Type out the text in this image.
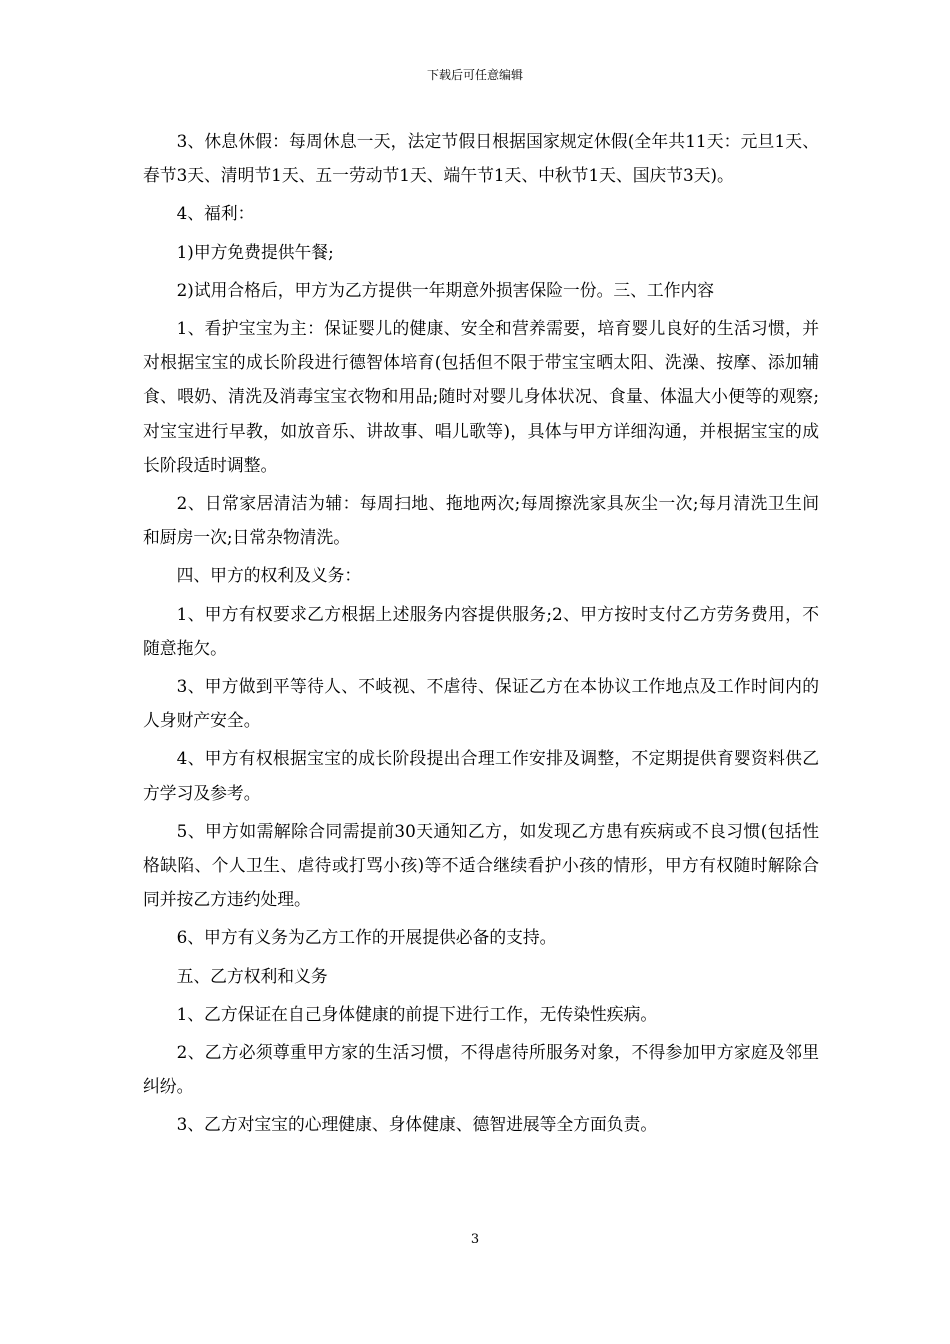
下载后可任意编辑

3、休息休假：每周休息一天，法定节假日根据国家规定休假(全年共11天：元旦1天、春节3天、清明节1天、五一劳动节1天、端午节1天、中秋节1天、国庆节3天)。

4、福利：

1)甲方免费提供午餐;

2)试用合格后，甲方为乙方提供一年期意外损害保险一份。三、工作内容

1、看护宝宝为主：保证婴儿的健康、安全和营养需要，培育婴儿良好的生活习惯，并对根据宝宝的成长阶段进行德智体培育(包括但不限于带宝宝晒太阳、洗澡、按摩、添加辅食、喂奶、清洗及消毒宝宝衣物和用品;随时对婴儿身体状况、食量、体温大小便等的观察;对宝宝进行早教，如放音乐、讲故事、唱儿歌等)，具体与甲方详细沟通，并根据宝宝的成长阶段适时调整。

2、日常家居清洁为辅：每周扫地、拖地两次;每周擦洗家具灰尘一次;每月清洗卫生间和厨房一次;日常杂物清洗。

四、甲方的权利及义务：

1、甲方有权要求乙方根据上述服务内容提供服务;2、甲方按时支付乙方劳务费用，不随意拖欠。

3、甲方做到平等待人、不岐视、不虐待、保证乙方在本协议工作地点及工作时间内的人身财产安全。

4、甲方有权根据宝宝的成长阶段提出合理工作安排及调整，不定期提供育婴资料供乙方学习及参考。

5、甲方如需解除合同需提前30天通知乙方，如发现乙方患有疾病或不良习惯(包括性格缺陷、个人卫生、虐待或打骂小孩)等不适合继续看护小孩的情形，甲方有权随时解除合同并按乙方违约处理。

6、甲方有义务为乙方工作的开展提供必备的支持。

五、乙方权利和义务

1、乙方保证在自己身体健康的前提下进行工作，无传染性疾病。

2、乙方必须尊重甲方家的生活习惯，不得虐待所服务对象，不得参加甲方家庭及邻里纠纷。

3、乙方对宝宝的心理健康、身体健康、德智进展等全方面负责。

3
